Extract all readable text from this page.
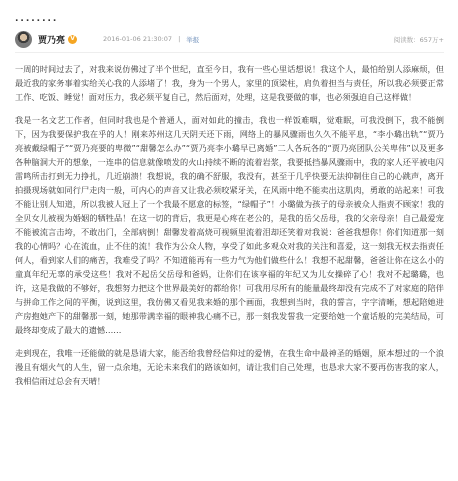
........
贾乃亮 V	2016-01-06 21:30:07 | 举报	阅读数：657万+

一周的时间过去了，对我来说仿佛过了半个世纪，直至今日，我有一些心里话想说！我这个人，最怕给别人添麻烦，但最近我的家务事着实给关心我的人添堵了！我，身为一个男人，家里的顶梁柱，肩负着担当与责任，所以我必须要正常工作、吃饭、睡觉！面对压力，我必须平复自己，然后面对，处理，这是我要做的事，也必须强迫自己这样做！

我是一名文艺工作者，但同时我也是个普通人，面对如此的撞击，我也一样饭难咽，觉难眠，可我没倒下，我不能倒下，因为我要保护我在乎的人！刚来苏州这几天阴天还下雨，网络上的暴风骤雨也久久不能平息，“李小璐出轨”“贾乃亮被戴绿帽子”“贾乃亮要的卑微”“甜馨怎么办”“贾乃亮李小璐早已离婚”二人各玩各的“贾乃亮团队公关卑伟”以及更多各种脑洞大开的想象，一连串的信息就像喷发的火山持续不断的流着岩浆，我要抵挡暴风骤雨中，我的家人还平被电闪雷鸣所击打到无力挣扎，几近崩溃！我想说，我的确不舒服，我没有，甚至于几乎快要无法抑制住自己的心跳声，离开拍摄现场就如同行尸走肉一般，可内心的声音又让我必须咬紧牙关，在风雨中绝不能卖出这肌肉，勇敢的站起来！可我不能让别人知道，所以我被人冠上了一个我最不愿意的标签，“绿帽子”！小璐做为孩子的母亲被众人指责不顾家！我的全贝女儿被视为婚姻的牺牲品！在这一切的背后，我更是心疼在老公的，是我的岳父岳母，我的父亲母亲！自己最爱宠不能被流言击垮，不敢出门，全部病倒！甜馨发着高烧可视频里流着泪却还笑着对我说：爸爸我想你！你们知道那一刻我的心情吗？心在流血，止不住的流！我作为公众人物，享受了如此多观众对我的关注和喜爱，这一刻我无权去指责任何人，看到家人们的痛苦，我难受了吗？不知道能再有一些力气为他们做些什么！我想不起甜馨，爸爸让你在这么小的童真年纪无辜的承受这些！我对不起岳父岳母和爸妈，让你们在该享福的年纪又为儿女操碎了心！我对不起璐璐，也许，这是我做的不够好，我想努力把这个世界最美好的都给你！可我用尽所有的能量最终却没有完成不了对家庭的陪伴与拼命工作之间的平衡，说到这里，我仿佛又看见我来婚的那个画面，我想到当时，我的誓言，字字清晰，想起陪她进产房抱她产下的甜馨那一刻，她那带满幸福的眼神我心痛不已，那一刻我发誓我一定要给她一个童话般的完美结局，可最终却变成了最大的遗憾……

走到现在，我唯一还能做的就是恳请大家，能否给我曾经信仰过的爱情，在我生命中最神圣的婚姻，原本想过的一个浪漫且有烟火气的人生，留一点余地，无论未来我们的路该如何，请让我们自己处理，也恳求大家不要再伤害我的家人，我相信雨过总会有天晴！
